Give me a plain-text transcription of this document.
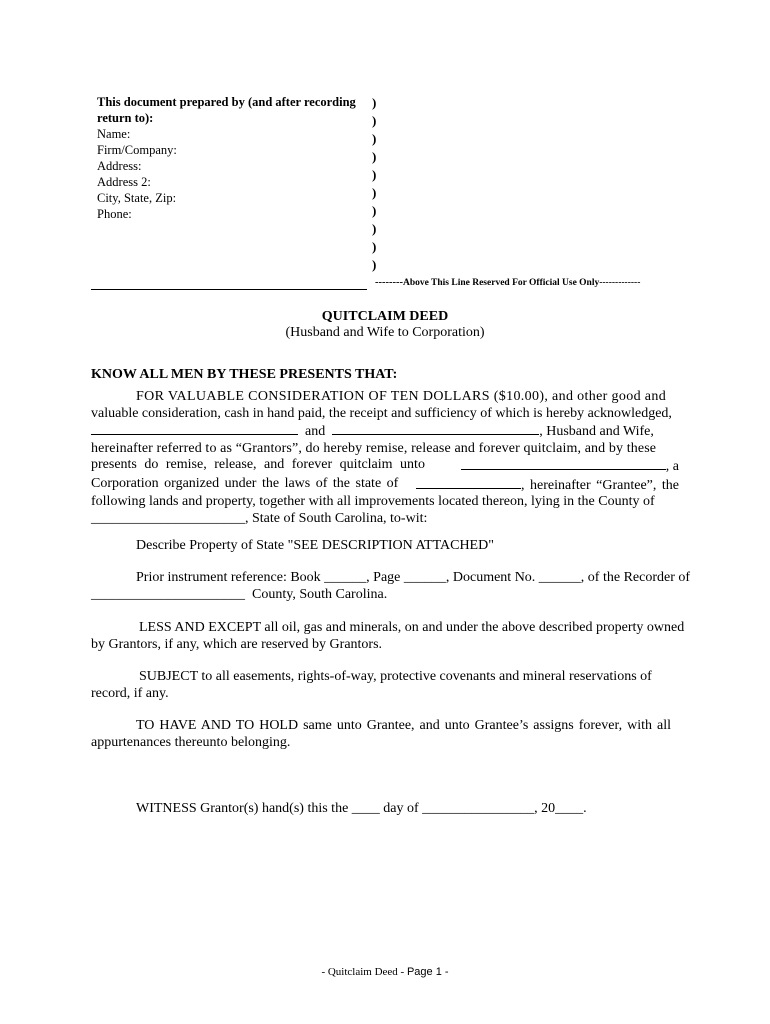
This document prepared by (and after recording return to):
Name:
Firm/Company:
Address:
Address 2:
City, State, Zip:
Phone:
)
)
)
)
)
)
)
)
)
)
--------Above This Line Reserved For Official Use Only-------------
QUITCLAIM DEED
(Husband and Wife to Corporation)
KNOW ALL MEN BY THESE PRESENTS THAT:
FOR VALUABLE CONSIDERATION OF TEN DOLLARS ($10.00), and other good and
valuable consideration, cash in hand paid, the receipt and sufficiency of which is hereby acknowledged,
and	, Husband and Wife,
hereinafter referred to as “Grantors”, do hereby remise, release and forever quitclaim, and by these
presents do remise, release, and forever quitclaim unto	, a
Corporation organized under the laws of the state of	, hereinafter “Grantee”, the
following lands and property, together with all improvements located thereon, lying in the County of
______________________, State of South Carolina, to-wit:
Describe Property of State "SEE DESCRIPTION ATTACHED"
Prior instrument reference: Book ______, Page ______, Document No. ______, of the Recorder of
______________________  County, South Carolina.
LESS AND EXCEPT all oil, gas and minerals, on and under the above described property owned
by Grantors, if any, which are reserved by Grantors.
SUBJECT to all easements, rights-of-way, protective covenants and mineral reservations of
record, if any.
TO HAVE AND TO HOLD same unto Grantee, and unto Grantee’s assigns forever, with all
appurtenances thereunto belonging.
WITNESS Grantor(s) hand(s) this the ____ day of ________________, 20____.
- Quitclaim Deed - Page 1 -
